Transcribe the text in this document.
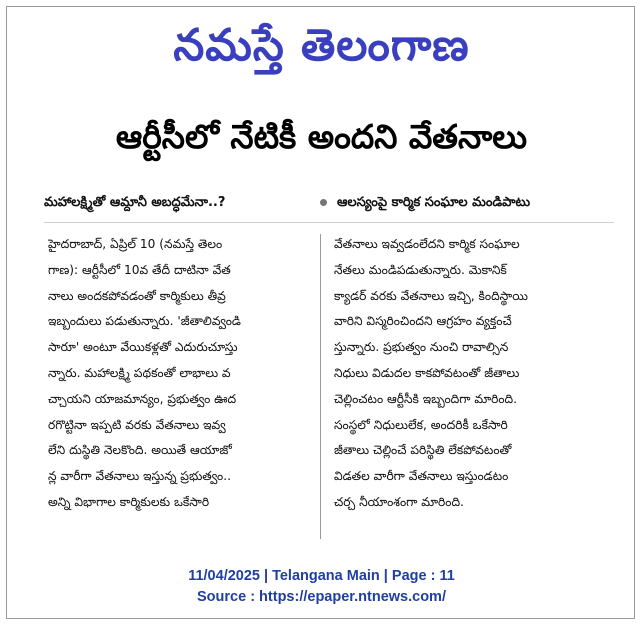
నమస్తే తెలంగాణ
ఆర్టీసీలో నేటికీ అందని వేతనాలు
మహాలక్ష్మితో ఆమ్దానీ అబద్ధమేనా..?	ఆలస్యంపై కార్మిక సంఘాల మండిపాటు
హైదరాబాద్, ఏప్రిల్ 10 (నమస్తే తెలం
గాణ): ఆర్టీసీలో 10వ తేదీ దాటినా వేత
నాలు అందకపోవడంతో కార్మికులు తీవ్ర
ఇబ్బందులు పడుతున్నారు. 'జీతాలివ్వండి
సారూ' అంటూ వేయికళ్లతో ఎదురుచూస్తు
న్నారు. మహాలక్ష్మి పథకంతో లాభాలు వ
చ్చాయని యాజమాన్యం, ప్రభుత్వం ఊద
రగొట్టినా ఇప్పటి వరకు వేతనాలు ఇవ్వ
లేని దుస్థితి నెలకొంది. అయితే ఆయాజో
న్ల వారీగా వేతనాలు ఇస్తున్న ప్రభుత్వం..
అన్ని విభాగాల కార్మికులకు ఒకేసారి
వేతనాలు ఇవ్వడంలేదని కార్మిక సంఘాల
నేతలు మండిపడుతున్నారు. మెకానిక్
క్యాడర్ వరకు వేతనాలు ఇచ్చి, కిందిస్థాయి
వారిని విస్మరించిందని ఆగ్రహం వ్యక్తంచే
స్తున్నారు. ప్రభుత్వం నుంచి రావాల్సిన
నిధులు విడుదల కాకపోవటంతో జీతాలు
చెల్లించటం ఆర్టీసీకి ఇబ్బందిగా మారింది.
సంస్థలో నిధులులేక, అందరికీ ఒకేసారి
జీతాలు చెల్లించే పరిస్థితి లేకపోవటంతో
విడతల వారీగా వేతనాలు ఇస్తుండటం
చర్చ నీయాంశంగా మారింది.
11/04/2025 | Telangana Main | Page : 11
Source : https://epaper.ntnews.com/
